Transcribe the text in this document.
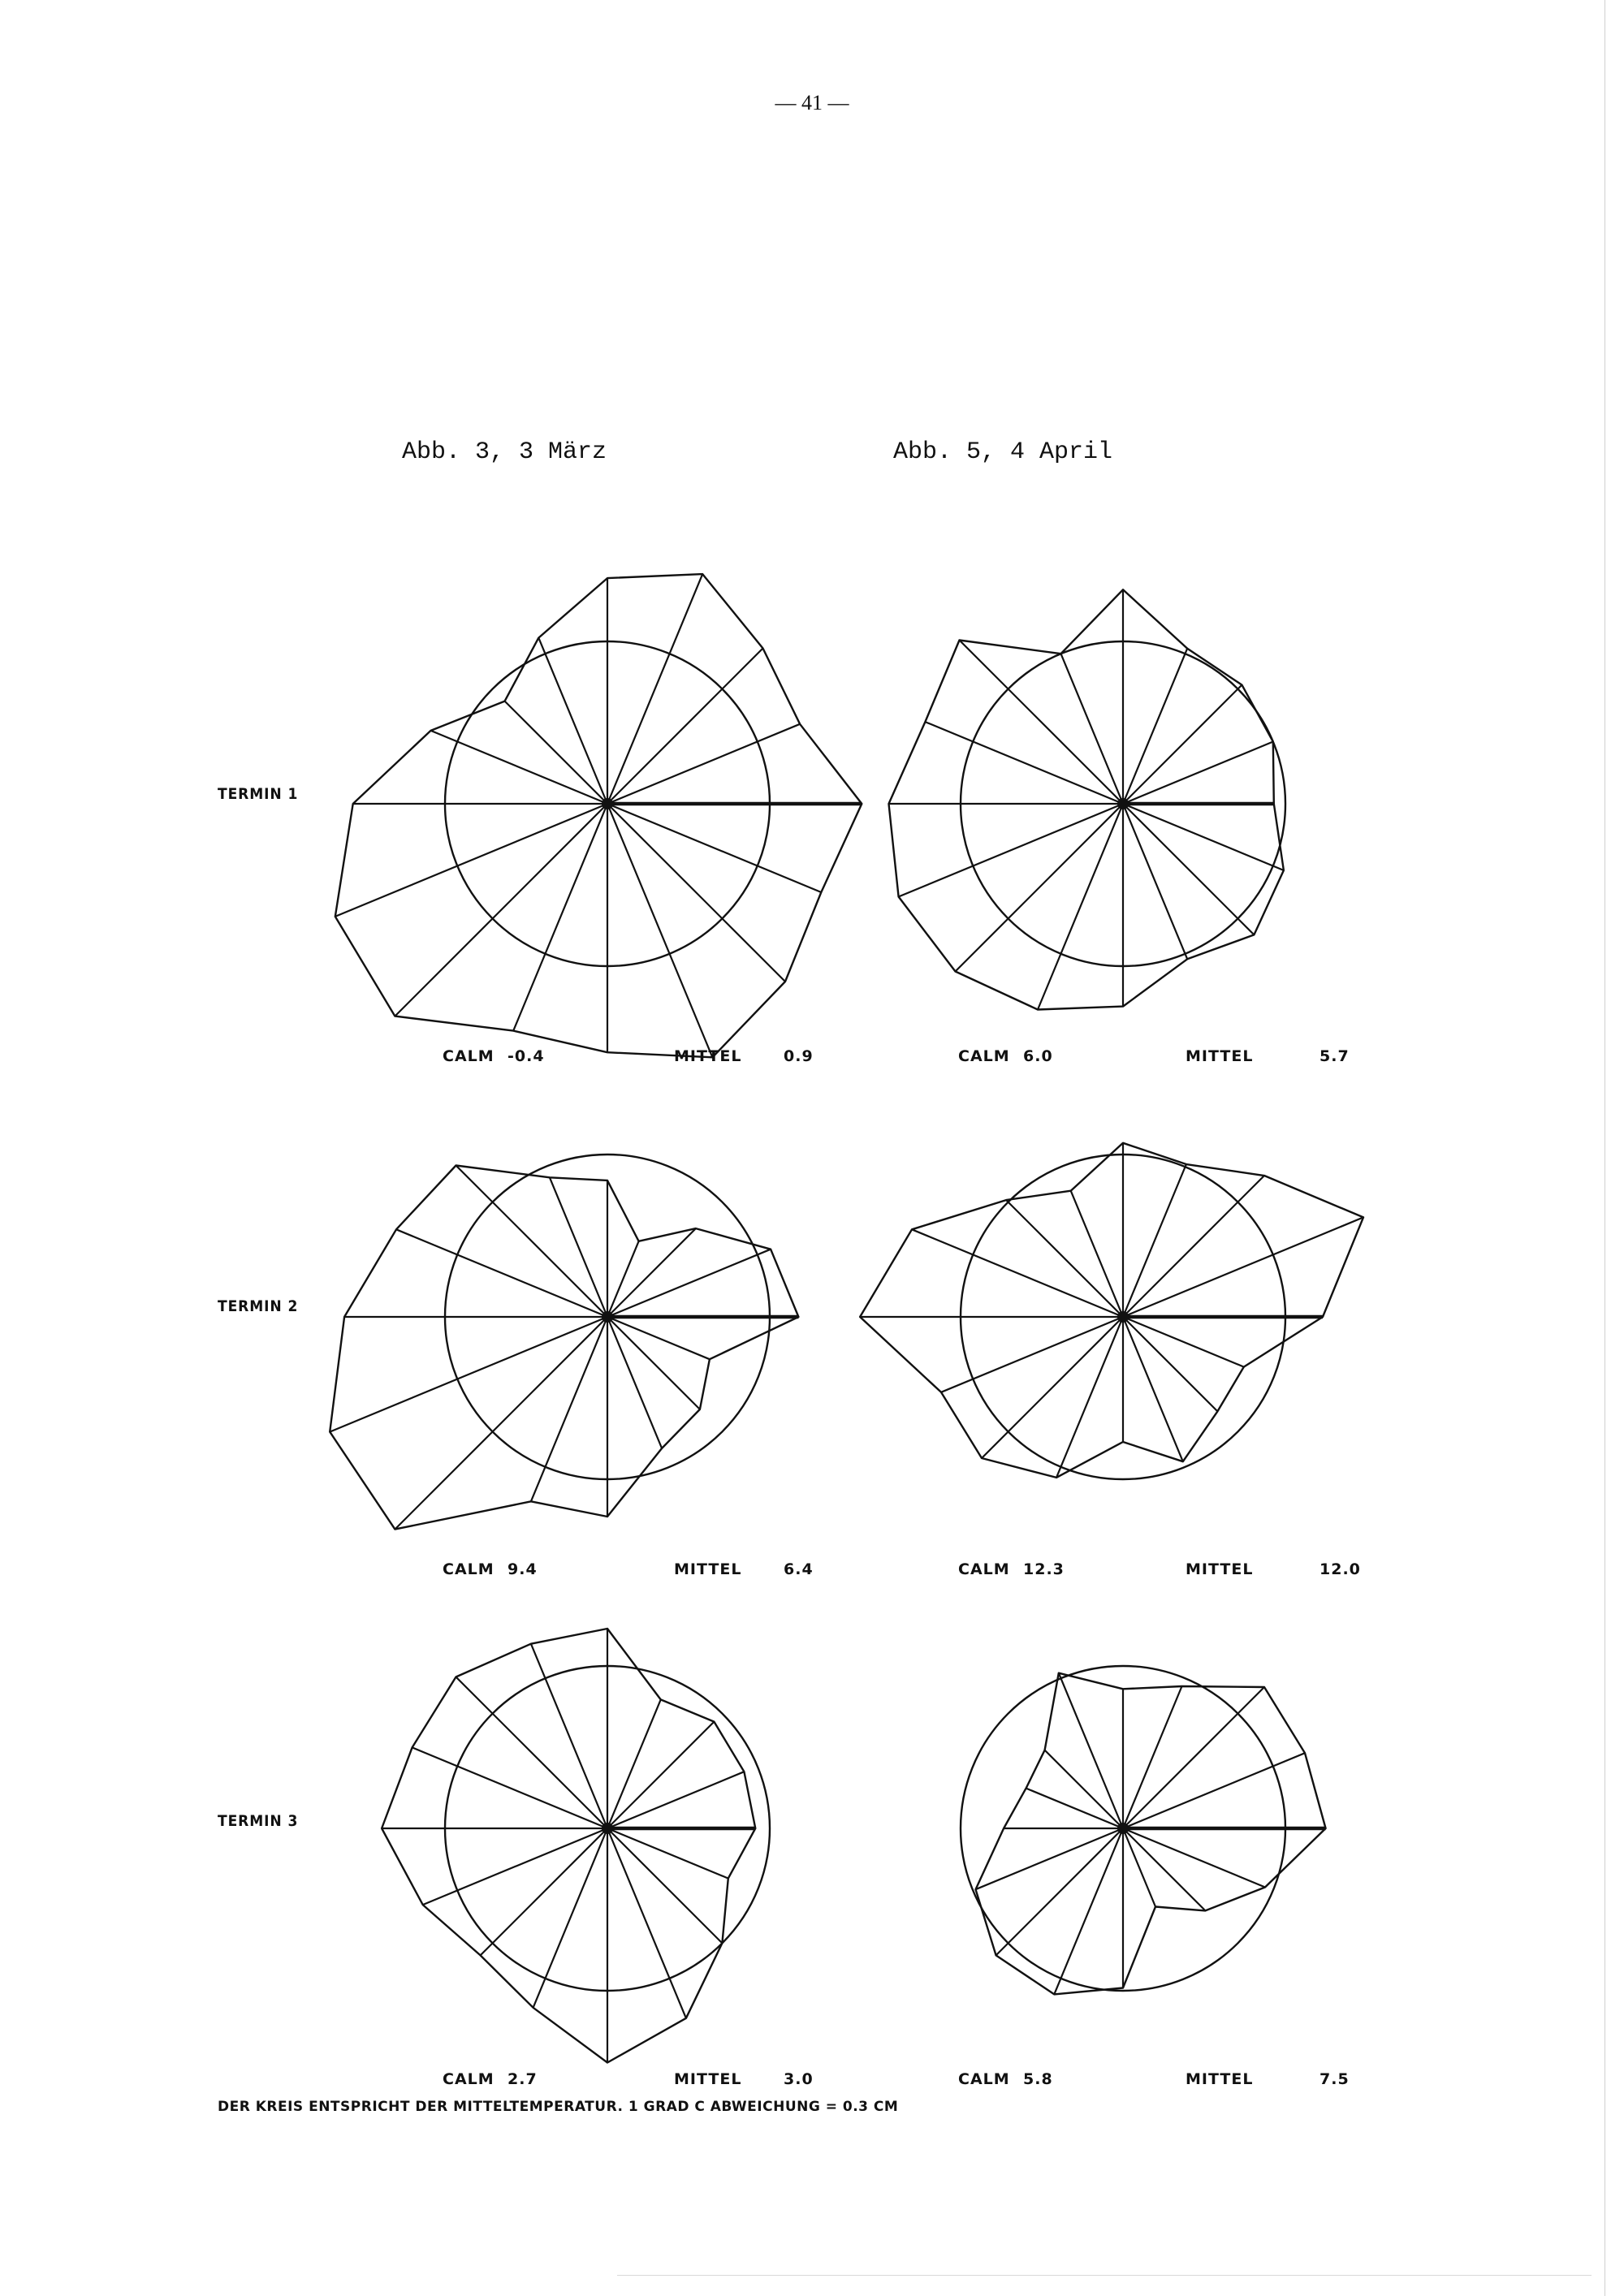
— 41 —
Abb. 3, 3 März	Abb. 5, 4 April
TERMIN 1
TERMIN 2
TERMIN 3
CALM -0.4	MITTEL	0.9	CALM 6.0	MITTEL	5.7
CALM 9.4	MITTEL	6.4	CALM 12.3	MITTEL	12.0
CALM 2.7	MITTEL	3.0	CALM 5.8	MITTEL	7.5
DER KREIS ENTSPRICHT DER MITTELTEMPERATUR. 1 GRAD C ABWEICHUNG = 0.3 CM
